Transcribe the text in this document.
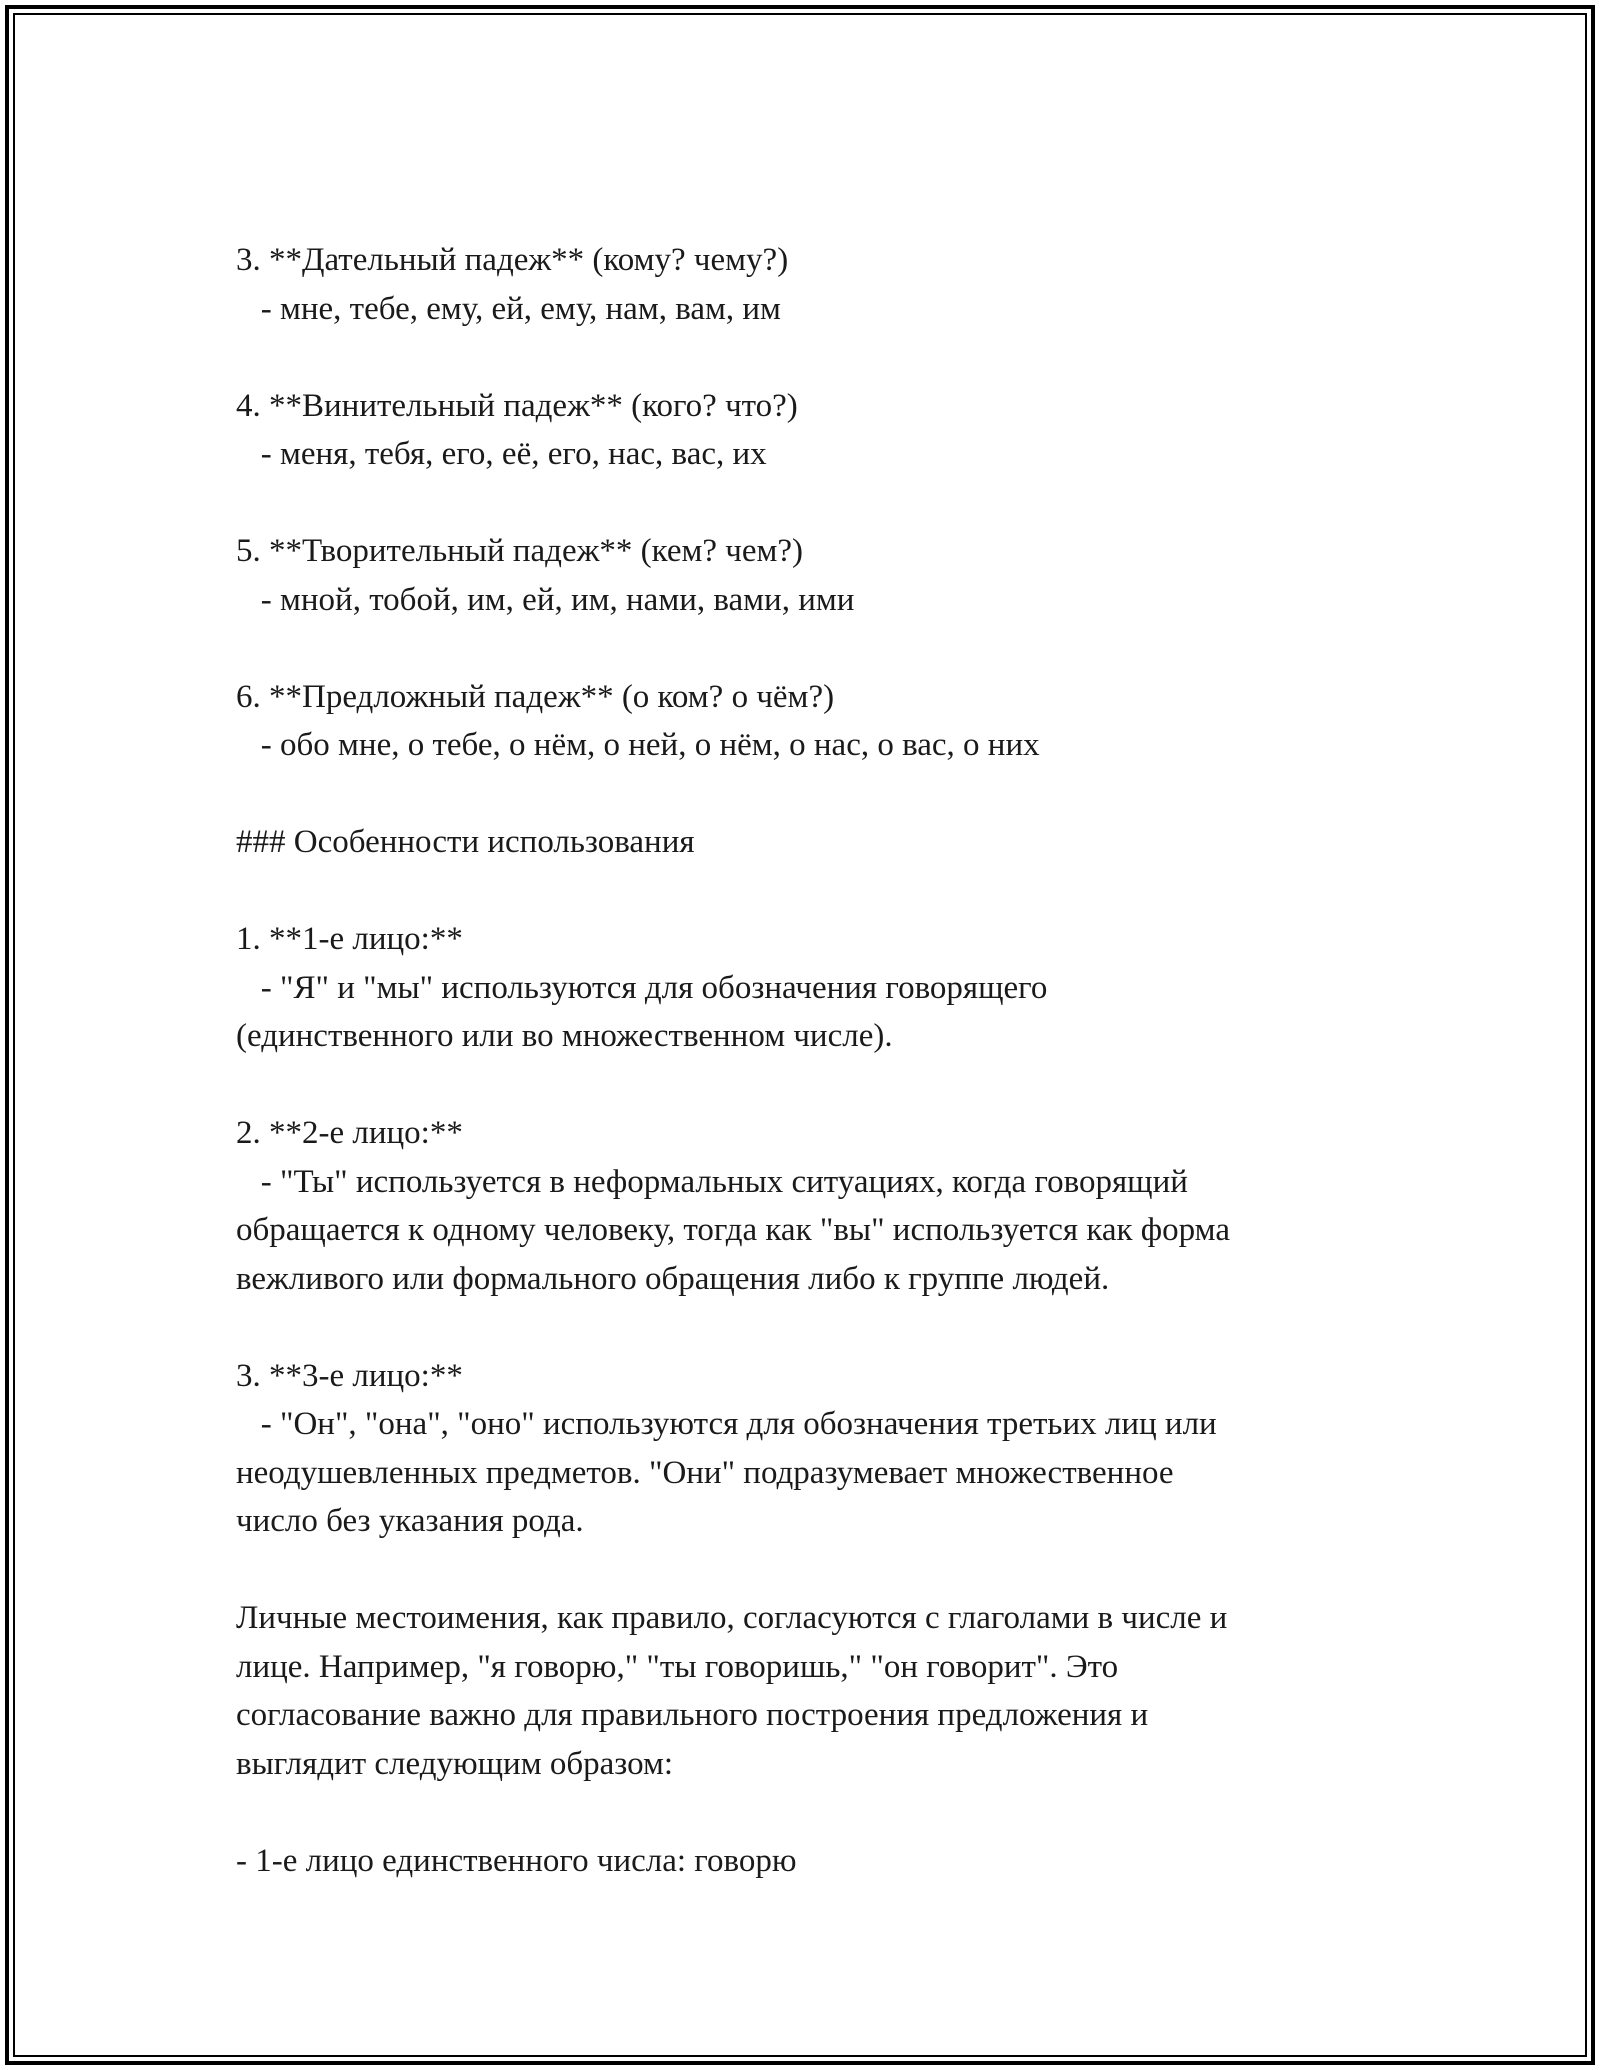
3. **Дательный падеж** (кому? чему?)
- мне, тебе, ему, ей, ему, нам, вам, им
4. **Винительный падеж** (кого? что?)
- меня, тебя, его, её, его, нас, вас, их
5. **Творительный падеж** (кем? чем?)
- мной, тобой, им, ей, им, нами, вами, ими
6. **Предложный падеж** (о ком? о чём?)
- обо мне, о тебе, о нём, о ней, о нём, о нас, о вас, о них
### Особенности использования
1. **1-е лицо:**
- "Я" и "мы" используются для обозначения говорящего
(единственного или во множественном числе).
2. **2-е лицо:**
- "Ты" используется в неформальных ситуациях, когда говорящий
обращается к одному человеку, тогда как "вы" используется как форма
вежливого или формального обращения либо к группе людей.
3. **3-е лицо:**
- "Он", "она", "оно" используются для обозначения третьих лиц или
неодушевленных предметов. "Они" подразумевает множественное
число без указания рода.
Личные местоимения, как правило, согласуются с глаголами в числе и
лице. Например, "я говорю," "ты говоришь," "он говорит". Это
согласование важно для правильного построения предложения и
выглядит следующим образом:
- 1-е лицо единственного числа: говорю
